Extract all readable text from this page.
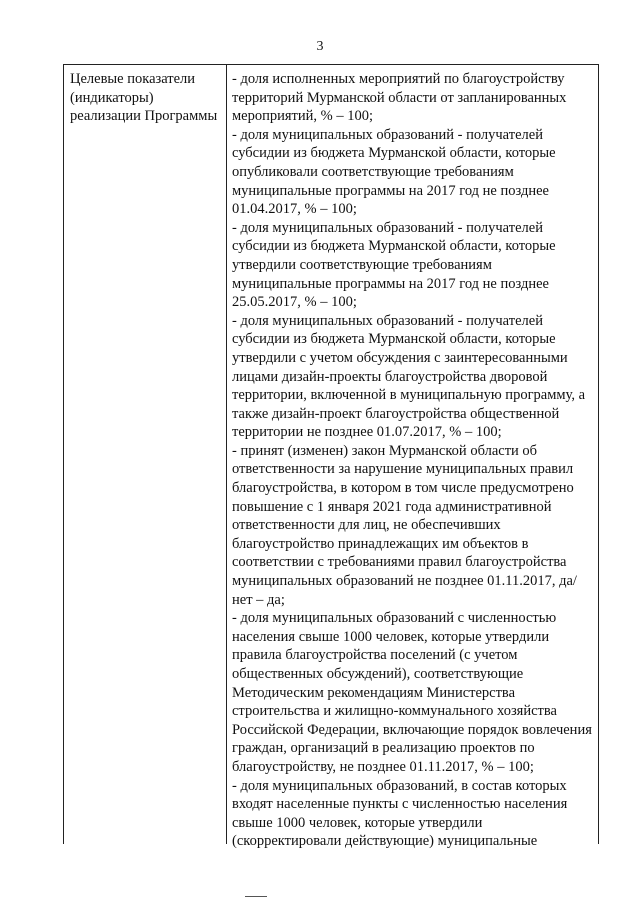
3
Целевые показатели (индикаторы) реализации Программы

- доля исполненных мероприятий по благоустройству территорий Мурманской области от запланированных мероприятий, % – 100;

- доля муниципальных образований - получателей субсидии из бюджета Мурманской области, которые опубликовали соответствующие требованиям муниципальные программы на 2017 год не позднее 01.04.2017, % – 100;

- доля муниципальных образований - получателей субсидии из бюджета Мурманской области, которые утвердили соответствующие требованиям муниципальные программы на 2017 год не позднее 25.05.2017, % – 100;

- доля муниципальных образований - получателей субсидии из бюджета Мурманской области, которые утвердили с учетом обсуждения с заинтересованными лицами дизайн-проекты благоустройства дворовой территории, включенной в муниципальную программу, а также дизайн-проект благоустройства общественной территории не позднее 01.07.2017, % – 100;

- принят (изменен) закон Мурманской области об ответственности за нарушение муниципальных правил благоустройства, в котором в том числе предусмотрено повышение с 1 января 2021 года административной ответственности для лиц, не обеспечивших благоустройство принадлежащих им объектов в соответствии с требованиями правил благоустройства муниципальных образований не позднее 01.11.2017, да/нет – да;

- доля муниципальных образований с численностью населения свыше 1000 человек, которые утвердили правила благоустройства поселений (с учетом общественных обсуждений), соответствующие Методическим рекомендациям Министерства строительства и жилищно-коммунального хозяйства Российской Федерации, включающие порядок вовлечения граждан, организаций в реализацию проектов по благоустройству, не позднее 01.11.2017, % – 100;

- доля муниципальных образований, в состав которых входят населенные пункты с численностью населения свыше 1000 человек, которые утвердили (скорректировали действующие) муниципальные
